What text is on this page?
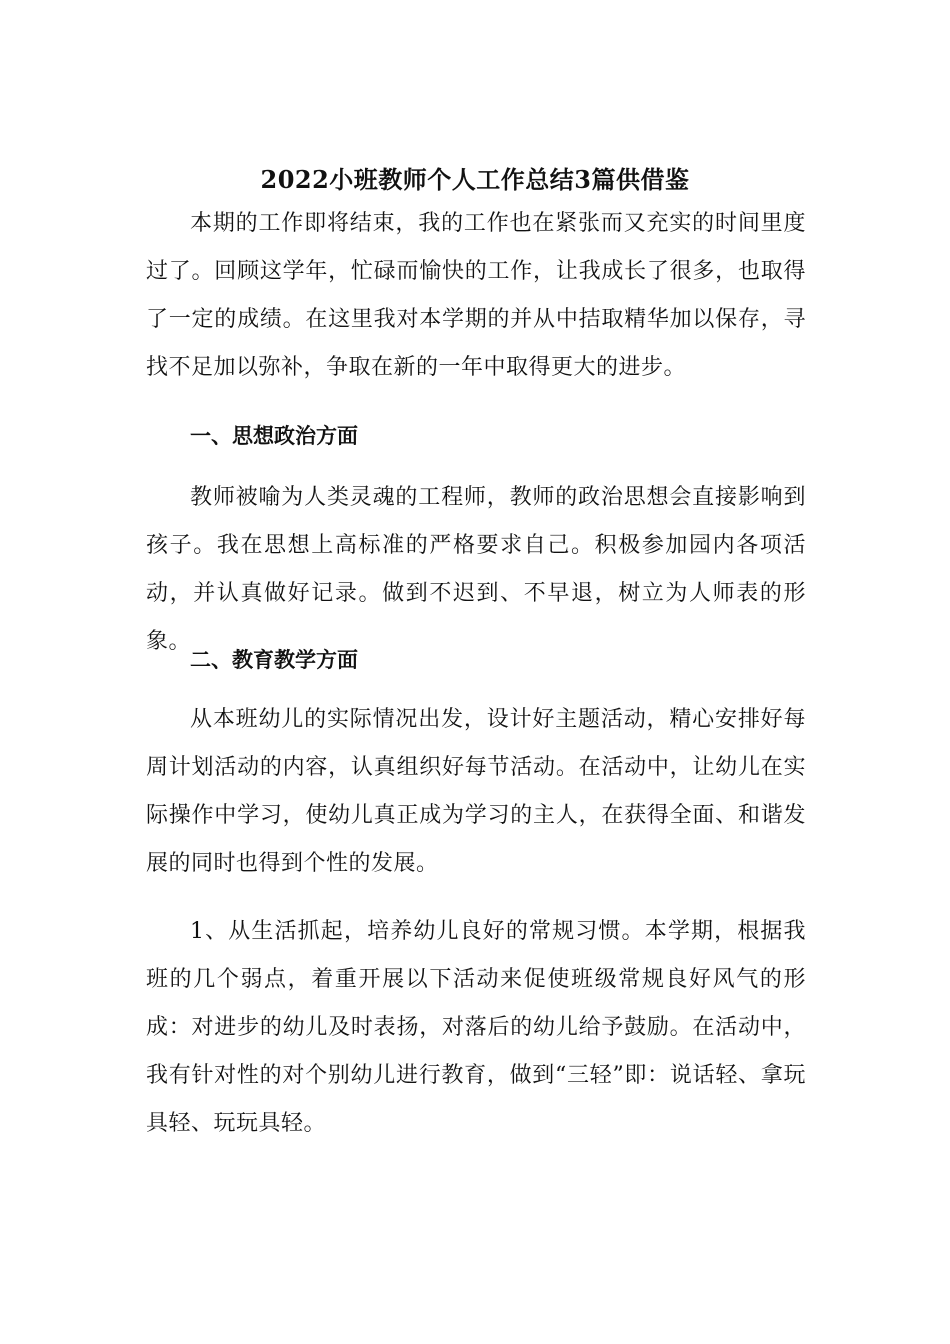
2022小班教师个人工作总结3篇供借鉴

本期的工作即将结束，我的工作也在紧张而又充实的时间里度过了。回顾这学年，忙碌而愉快的工作，让我成长了很多，也取得了一定的成绩。在这里我对本学期的并从中拮取精华加以保存，寻找不足加以弥补，争取在新的一年中取得更大的进步。

一、思想政治方面

教师被喻为人类灵魂的工程师，教师的政治思想会直接影响到孩子。我在思想上高标准的严格要求自己。积极参加园内各项活动，并认真做好记录。做到不迟到、不早退，树立为人师表的形象。

二、教育教学方面

从本班幼儿的实际情况出发，设计好主题活动，精心安排好每周计划活动的内容，认真组织好每节活动。在活动中，让幼儿在实际操作中学习，使幼儿真正成为学习的主人，在获得全面、和谐发展的同时也得到个性的发展。

1、从生活抓起，培养幼儿良好的常规习惯。本学期，根据我班的几个弱点，着重开展以下活动来促使班级常规良好风气的形成：对进步的幼儿及时表扬，对落后的幼儿给予鼓励。在活动中，我有针对性的对个别幼儿进行教育，做到“三轻”即：说话轻、拿玩具轻、玩玩具轻。
